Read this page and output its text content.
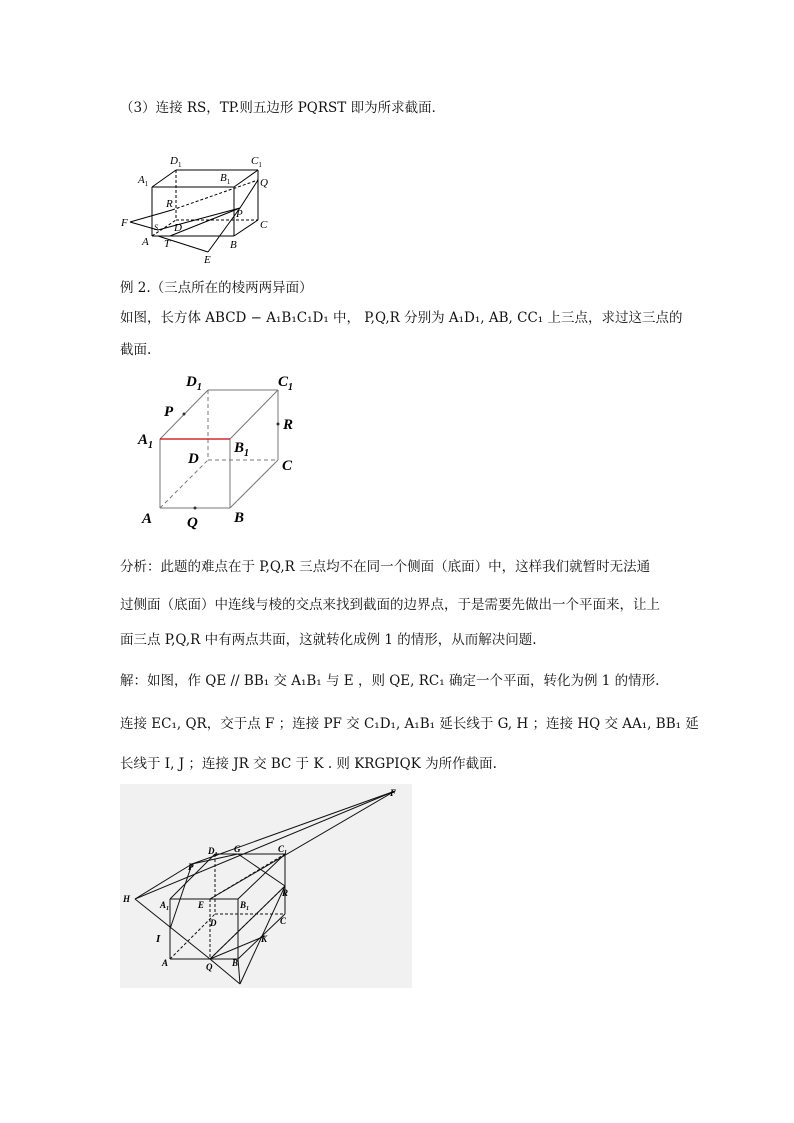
（3）连接 RS，TP.则五边形 PQRST 即为所求截面．
$D_1$	$C_1$
$A_1$	$B_1$	Q
R
P
F	S D	C
A T	B
E
例 2.（三点所在的棱两两异面）
如图，长方体 ABCD − A₁B₁C₁D₁ 中， P,Q,R 分别为 A₁D₁, AB, CC₁ 上三点，求过这三点的
截面.
$D_1$	$C_1$
P
R
$A_1$	$B_1$
D	C
A Q B
分析：此题的难点在于 P,Q,R 三点均不在同一个侧面（底面）中，这样我们就暂时无法通
过侧面（底面）中连线与棱的交点来找到截面的边界点，于是需要先做出一个平面来，让上
面三点 P,Q,R 中有两点共面，这就转化成例 1 的情形，从而解决问题.
解：如图，作 QE // BB₁ 交 A₁B₁ 与 E ，则 QE, RC₁ 确定一个平面，转化为例 1 的情形.
连接 EC₁, QR，交于点 F ；连接 PF 交 C₁D₁, A₁B₁ 延长线于 G, H ；连接 HQ 交 AA₁, BB₁ 延
长线于 I, J ；连接 JR 交 BC 于 K . 则 KRGPIQK 为所作截面.
F
$D_1$
G	$C_1$
P
H
$A_1$	E	$B_1$
R
I
D	C
K
A	Q B
